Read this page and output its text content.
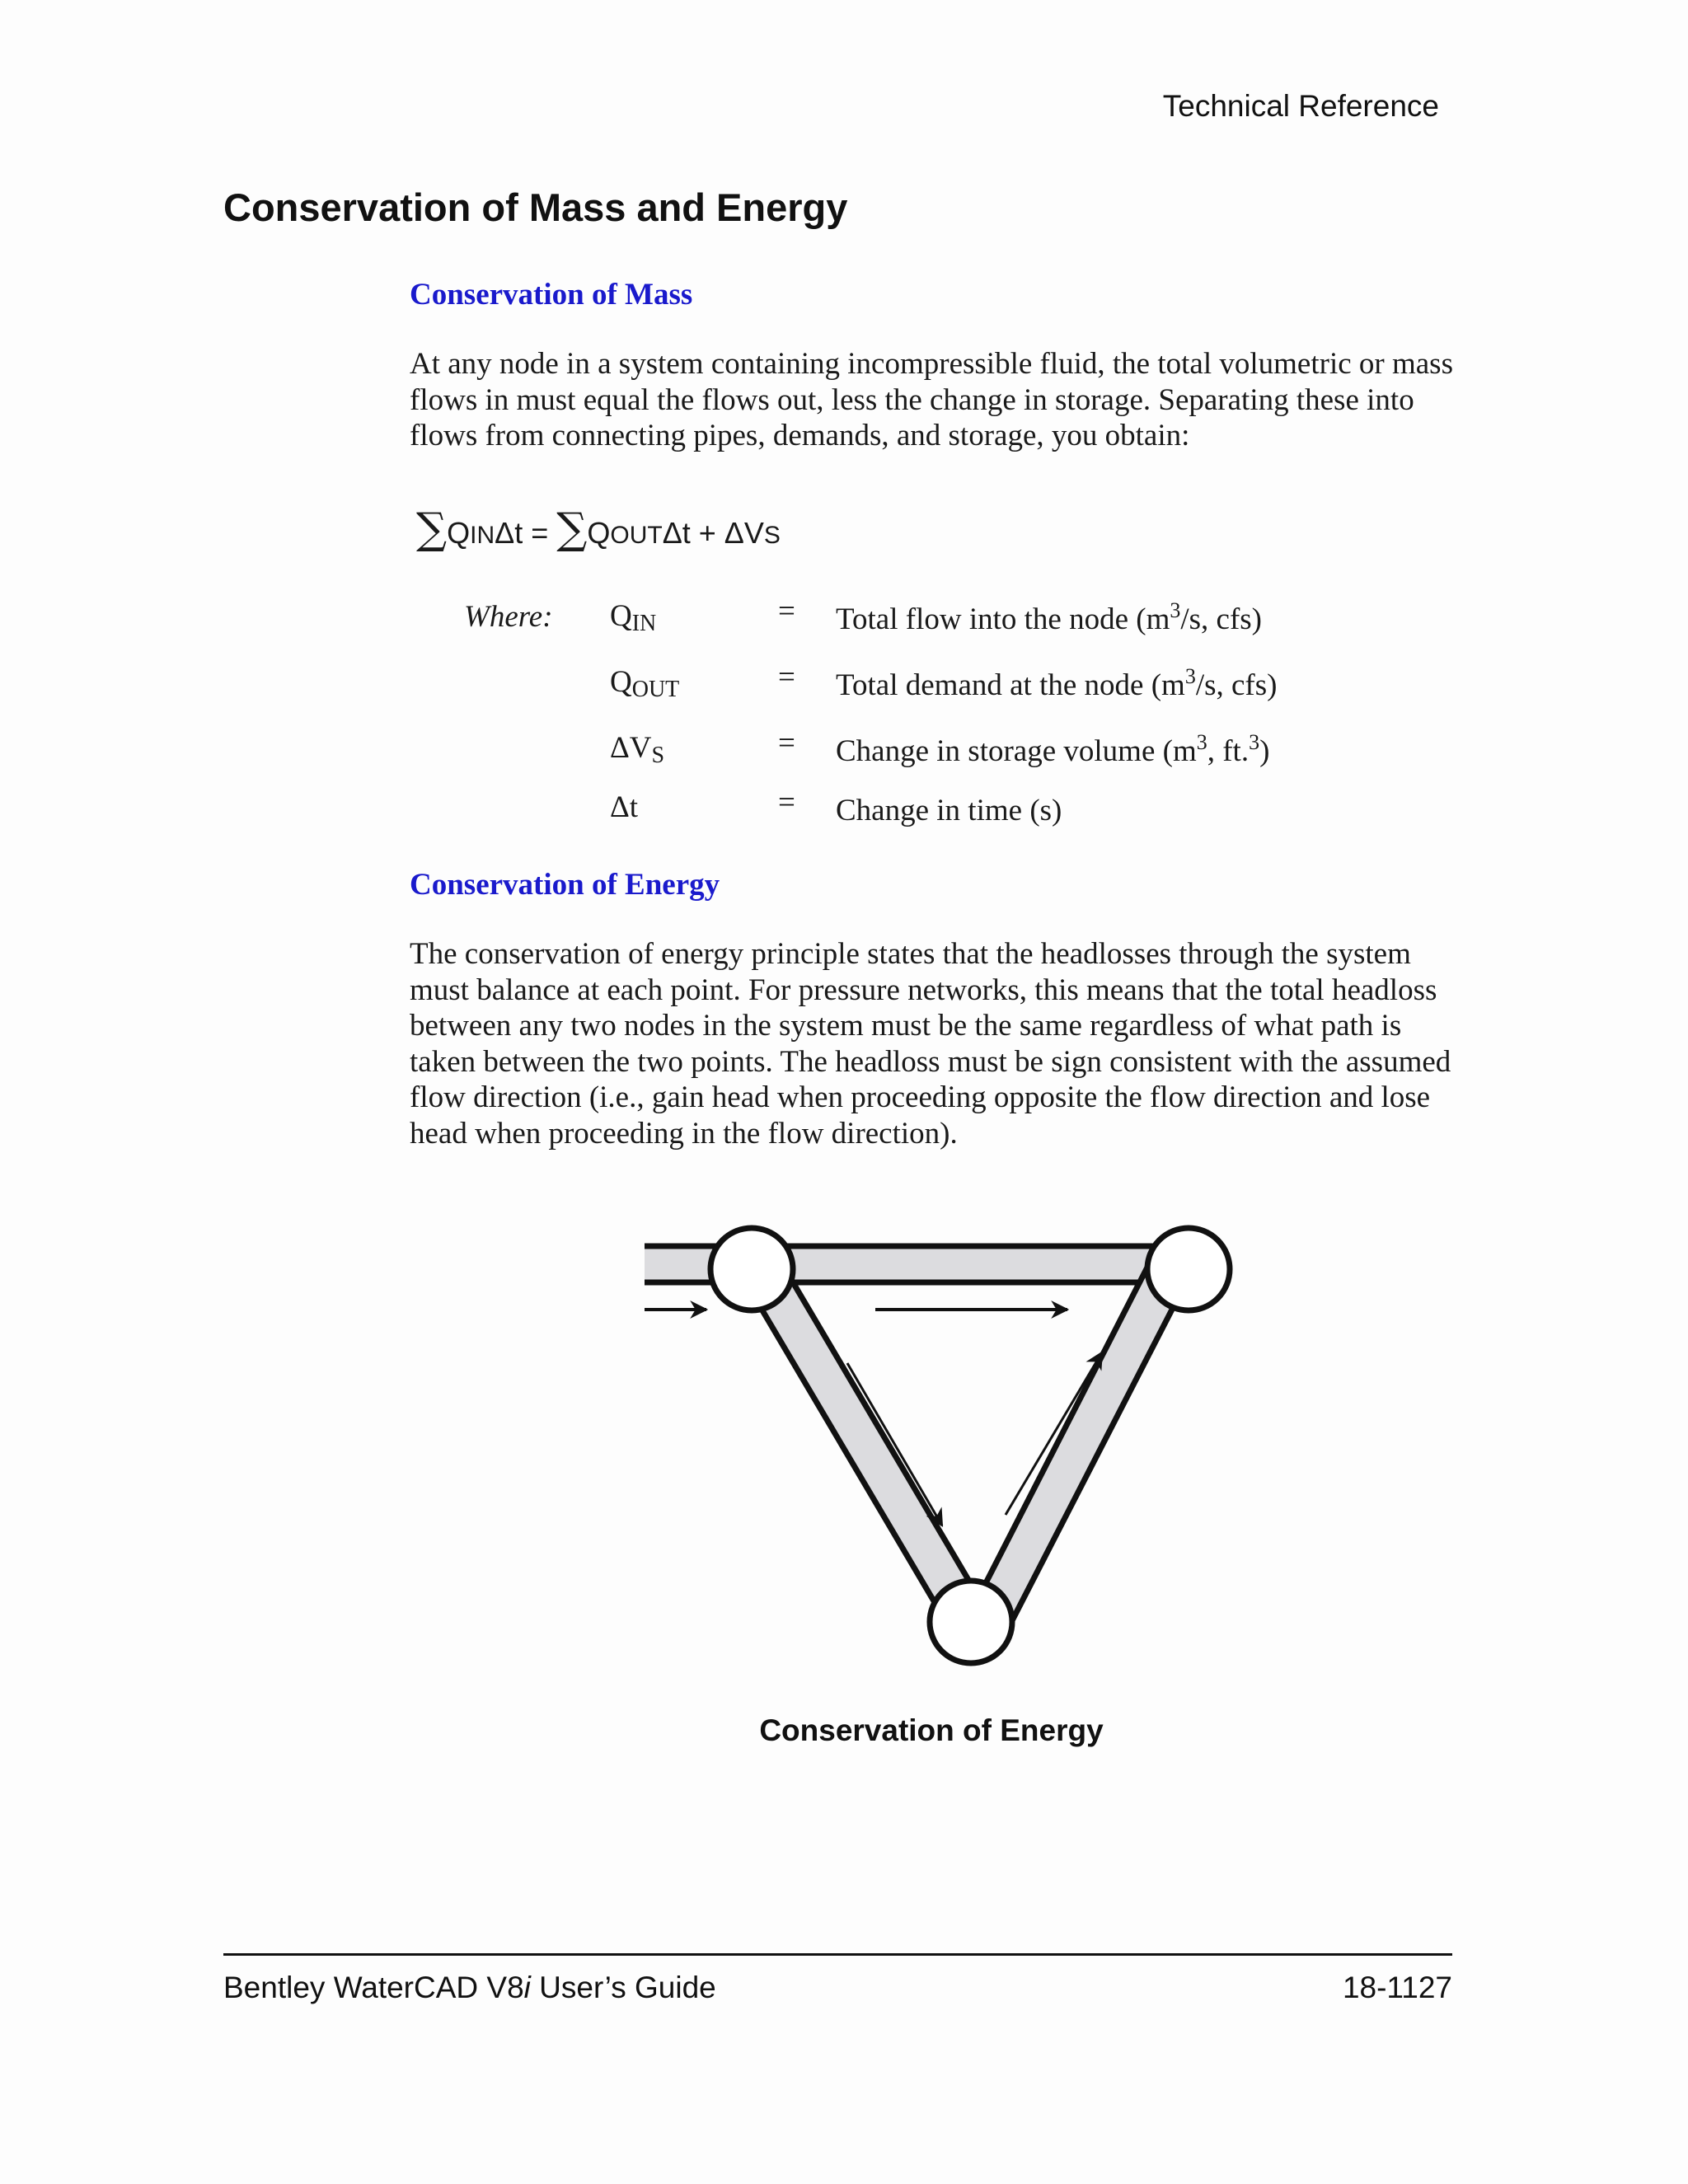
Technical Reference
Conservation of Mass and Energy
Conservation of Mass

At any node in a system containing incompressible fluid, the total volumetric or mass
flows in must equal the flows out, less the change in storage. Separating these into
flows from connecting pipes, demands, and storage, you obtain:

∑ Q IN Δt = ∑ Q OUT Δt + ΔV S
Where: $Q_{IN}$	= Total flow into the node ($m^3/s$, cfs)
$Q_{OUT}$	= Total demand at the node ($m^3/s$, cfs)
$\Delta V_S$	= Change in storage volume ($m^3$, ft.$^3$)
Δt	= Change in time (s)
Conservation of Energy

The conservation of energy principle states that the headlosses through the system
must balance at each point. For pressure networks, this means that the total headloss
between any two nodes in the system must be the same regardless of what path is
taken between the two points. The headloss must be sign consistent with the assumed
flow direction (i.e., gain head when proceeding opposite the flow direction and lose
head when proceeding in the flow direction).

Conservation of Energy
Bentley WaterCAD V8i User’s Guide	18-1127
